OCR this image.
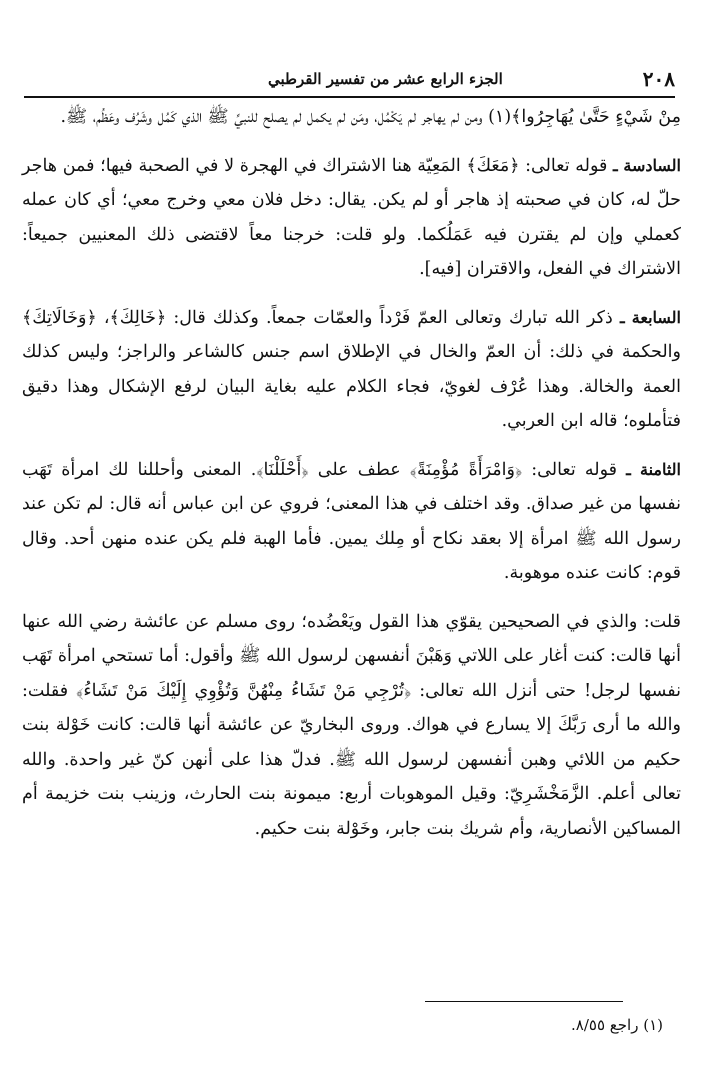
٢٠٨
الجزء الرابع عشر من تفسير القرطبي

مِنْ شَيْءٍ حَتَّىٰ يُهَاجِرُوا﴾(١) ومن لم يهاجر لم يَكْمُل، ومَن لم يكمل لم يصلح للنبيِّ ﷺ الذي كَمُل وشَرُف وعَظُم، ﷺ.

السادسة ـ قوله تعالى: ﴿مَعَكَ﴾ المَعِيّة هنا الاشتراك في الهجرة لا في الصحبة فيها؛ فمن هاجر حلّ له، كان في صحبته إذ هاجر أو لم يكن. يقال: دخل فلان معي وخرج معي؛ أي كان عمله كعملي وإن لم يقترن فيه عَمَلُكما. ولو قلت: خرجنا معاً لاقتضى ذلك المعنيين جميعاً: الاشتراك في الفعل، والاقتران [فيه].

السابعة ـ ذكر الله تبارك وتعالى العمّ فَرْداً والعمّات جمعاً. وكذلك قال: ﴿خَالِكَ﴾، ﴿وَخَالَاتِكَ﴾ والحكمة في ذلك: أن العمّ والخال في الإطلاق اسم جنس كالشاعر والراجز؛ وليس كذلك العمة والخالة. وهذا عُرْف لغويّ، فجاء الكلام عليه بغاية البيان لرفع الإشكال وهذا دقيق فتأملوه؛ قاله ابن العربي.

الثامنة ـ قوله تعالى: ﴿وَامْرَأَةً مُؤْمِنَةً﴾ عطف على ﴿أَحْلَلْنَا﴾. المعنى وأحللنا لك امرأة تَهَب نفسها من غير صداق. وقد اختلف في هذا المعنى؛ فروي عن ابن عباس أنه قال: لم تكن عند رسول الله ﷺ امرأة إلا بعقد نكاح أو مِلك يمين. فأما الهبة فلم يكن عنده منهن أحد. وقال قوم: كانت عنده موهوبة.

قلت: والذي في الصحيحين يقوّي هذا القول ويَعْضُده؛ روى مسلم عن عائشة رضي الله عنها أنها قالت: كنت أغار على اللاتي وَهَبْنَ أنفسهن لرسول الله ﷺ وأقول: أما تستحي امرأة تَهَب نفسها لرجل! حتى أنزل الله تعالى: ﴿تُرْجِي مَنْ تَشَاءُ مِنْهُنَّ وَتُؤْوِي إِلَيْكَ مَنْ تَشَاءُ﴾ فقلت: والله ما أرى رَبَّكَ إلا يسارع في هواك. وروى البخاريّ عن عائشة أنها قالت: كانت خَوْلة بنت حكيم من اللائي وهبن أنفسهن لرسول الله ﷺ. فدلّ هذا على أنهن كنّ غير واحدة. والله تعالى أعلم. الزَّمَخْشَرِيّ: وقيل الموهوبات أربع: ميمونة بنت الحارث، وزينب بنت خزيمة أم المساكين الأنصارية، وأم شريك بنت جابر، وخَوْلة بنت حكيم.

(١) راجع ٨/٥٥.
